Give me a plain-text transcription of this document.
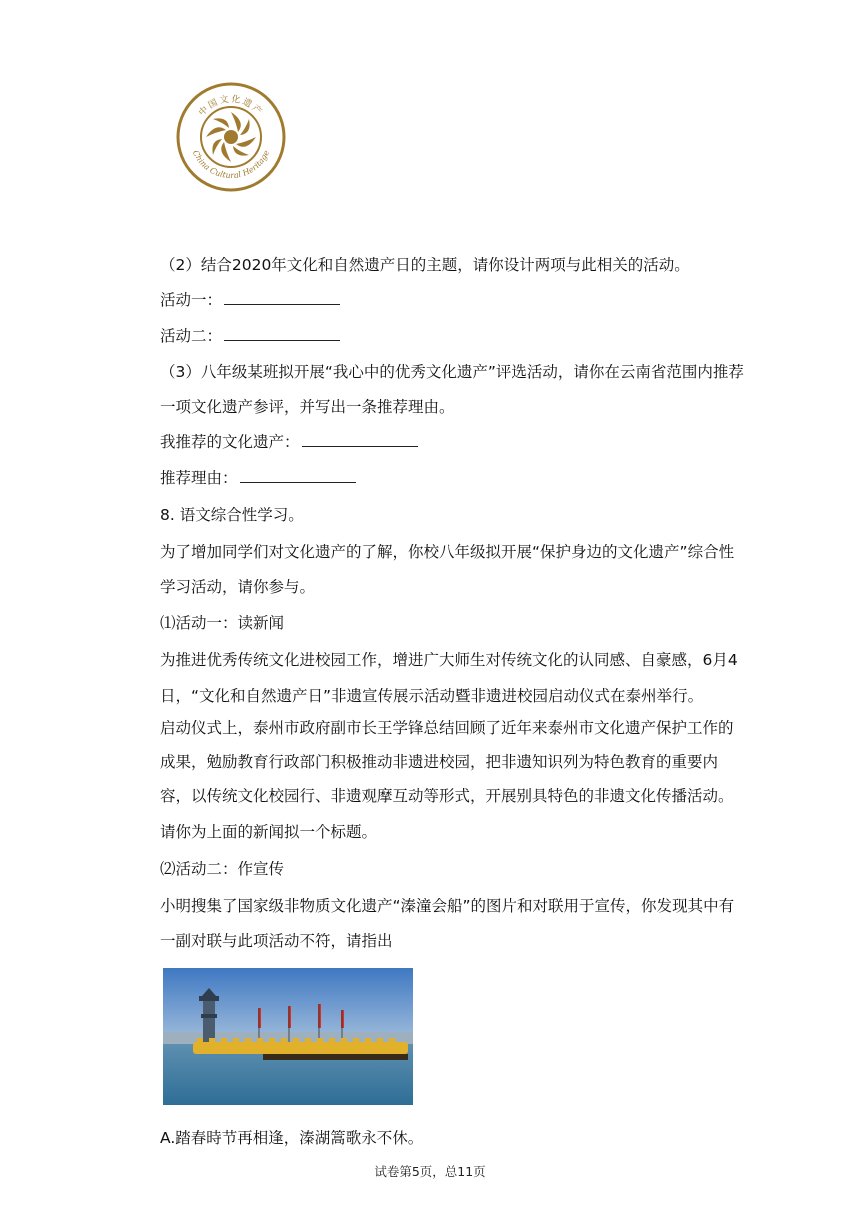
中国文化遗产
China Cultural Heritage
（2）结合2020年文化和自然遗产日的主题，请你设计两项与此相关的活动。
活动一：
活动二：
（3）八年级某班拟开展“我心中的优秀文化遗产”评选活动，请你在云南省范围内推荐
一项文化遗产参评，并写出一条推荐理由。
我推荐的文化遗产：
推荐理由：
8. 语文综合性学习。
为了增加同学们对文化遗产的了解，你校八年级拟开展“保护身边的文化遗产”综合性
学习活动，请你参与。
⑴活动一：读新闻
为推进优秀传统文化进校园工作，增进广大师生对传统文化的认同感、自豪感，6月4
日，“文化和自然遗产日”非遗宣传展示活动暨非遗进校园启动仪式在泰州举行。
启动仪式上，泰州市政府副市长王学锋总结回顾了近年来泰州市文化遗产保护工作的
成果，勉励教育行政部门积极推动非遗进校园，把非遗知识列为特色教育的重要内
容，以传统文化校园行、非遗观摩互动等形式，开展别具特色的非遗文化传播活动。
请你为上面的新闻拟一个标题。
⑵活动二：作宣传
小明搜集了国家级非物质文化遗产“溱潼会船”的图片和对联用于宣传，你发现其中有
一副对联与此项活动不符，请指出
A.踏春時节再相逢，溱湖篙歌永不休。
试卷第5页，总11页
